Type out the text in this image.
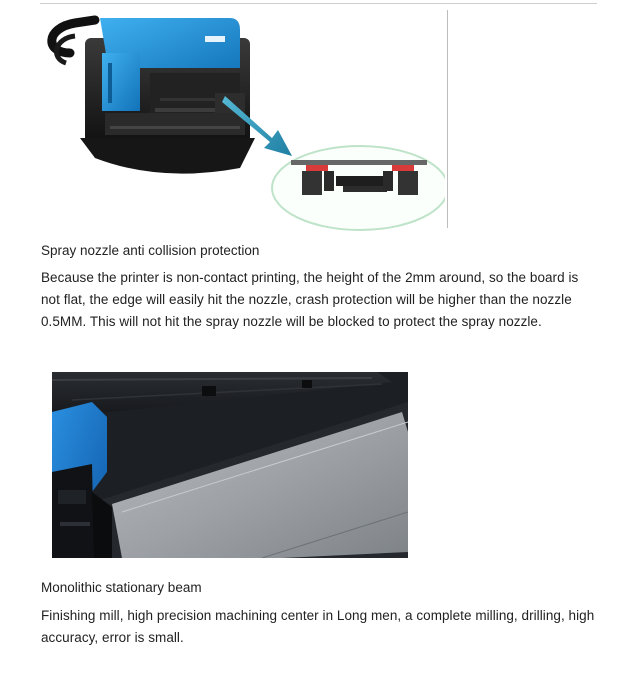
Spray nozzle anti collision protection
Because the printer is non-contact printing, the height of the 2mm around, so the board is not flat, the edge will easily hit the nozzle, crash protection will be higher than the nozzle 0.5MM. This will not hit the spray nozzle will be blocked to protect the spray nozzle.
Monolithic stationary beam
Finishing mill, high precision machining center in Long men, a complete milling, drilling, high accuracy, error is small.
